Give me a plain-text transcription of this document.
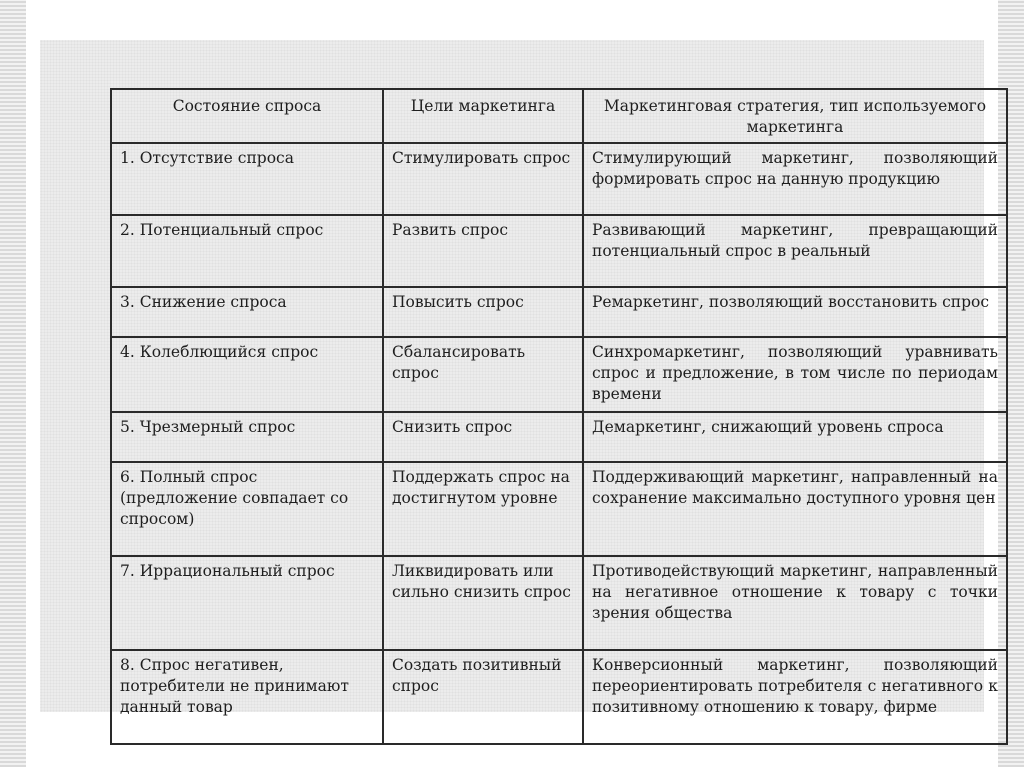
Состояние спроса	Цели маркетинга	Маркетинговая стратегия, тип используемого маркетинга
1. Отсутствие спроса	Стимулировать спрос	Стимулирующий маркетинг, позволяющий формировать спрос на данную продукцию
2. Потенциальный спрос	Развить спрос	Развивающий маркетинг, превращающий потенциальный спрос в реальный
3. Снижение спроса	Повысить спрос	Ремаркетинг, позволяющий восстановить спрос
4. Колеблющийся спрос	Сбалансировать спрос	Синхромаркетинг, позволяющий уравнивать спрос и предложение, в том числе по периодам времени
5. Чрезмерный спрос	Снизить спрос	Демаркетинг, снижающий уровень спроса
6. Полный спрос (предложение совпадает со спросом)	Поддержать спрос на достигнутом уровне	Поддерживающий маркетинг, направленный на сохранение максимально доступного уровня цен
7. Иррациональный спрос	Ликвидировать или сильно снизить спрос	Противодействующий маркетинг, направленный на негативное отношение к товару с точки зрения общества
8. Спрос негативен, потребители не принимают данный товар	Создать позитивный спрос	Конверсионный маркетинг, позволяющий переориентировать потребителя с негативного к позитивному отношению к товару, фирме
